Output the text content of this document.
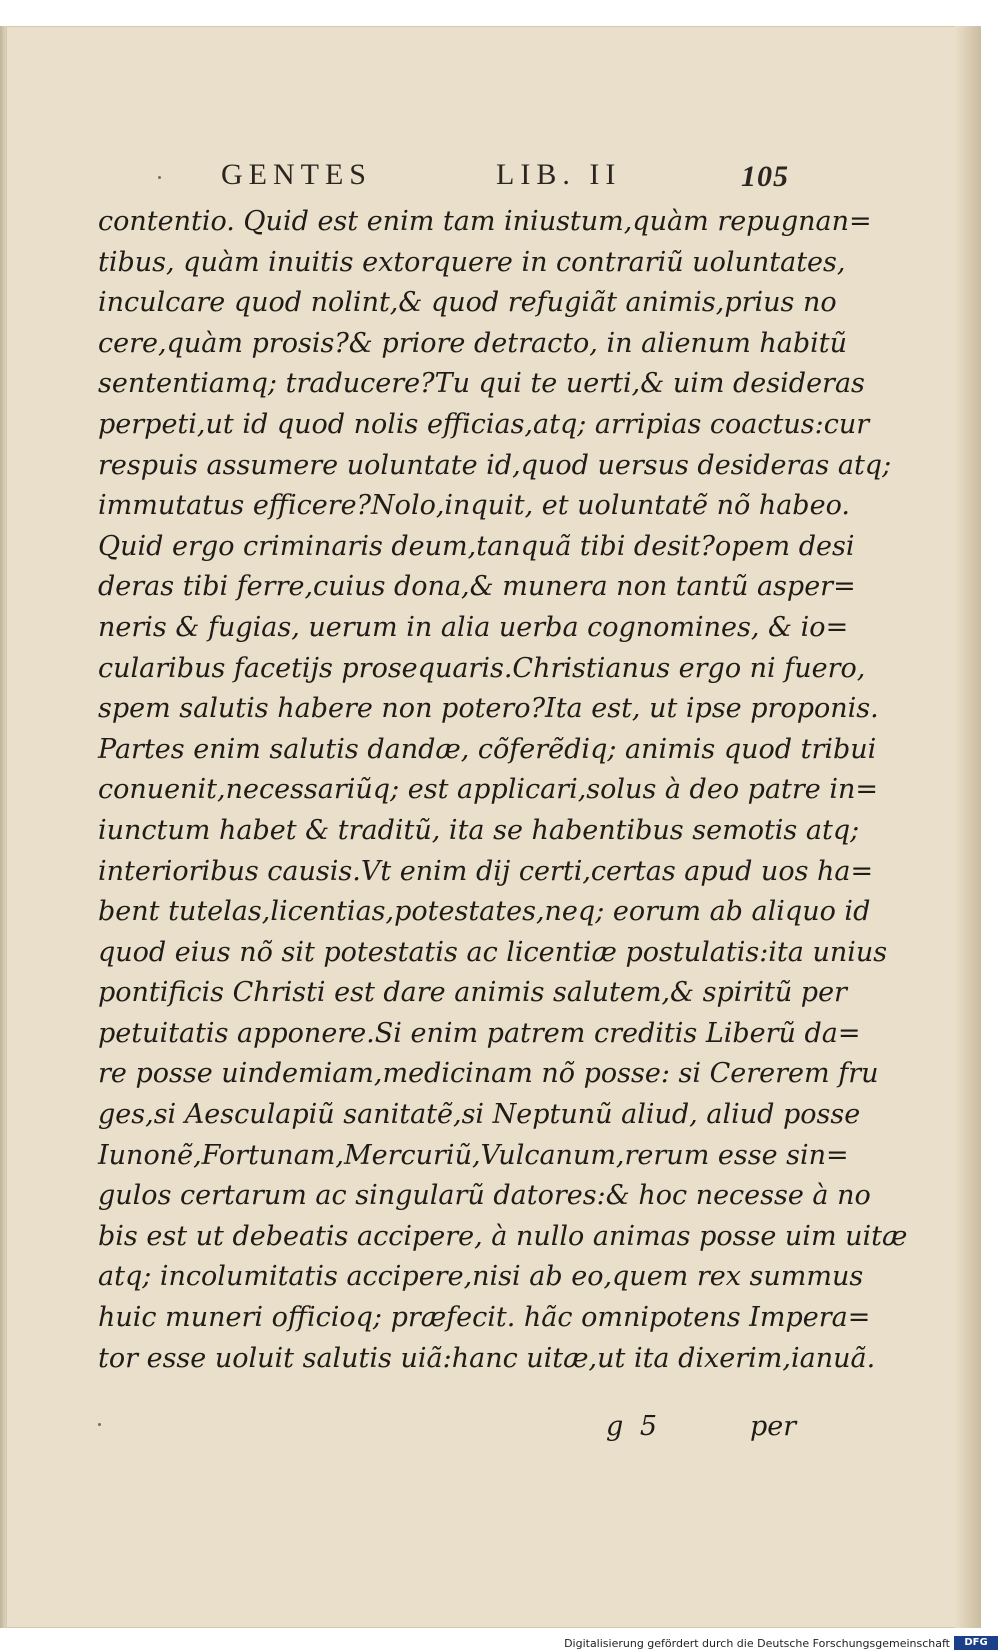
GENTES	LIB. II	105
contentio. Quid est enim tam iniustum,quàm repugnan=
tibus, quàm inuitis extorquere in contrariũ uoluntates,
inculcare quod nolint,& quod refugiãt animis,prius no
cere,quàm prosis?& priore detracto, in alienum habitũ
sententiamq; traducere?Tu qui te uerti,& uim desideras
perpeti,ut id quod nolis efficias,atq; arripias coactus:cur
respuis assumere uoluntate id,quod uersus desideras atq;
immutatus efficere?Nolo,inquit, et uoluntatẽ nõ habeo.
Quid ergo criminaris deum,tanquã tibi desit?opem desi
deras tibi ferre,cuius dona,& munera non tantũ asper=
neris & fugias, uerum in alia uerba cognomines, & io=
cularibus facetijs prosequaris.Christianus ergo ni fuero,
spem salutis habere non potero?Ita est, ut ipse proponis.
Partes enim salutis dandæ, cõferẽdiq; animis quod tribui
conuenit,necessariũq; est applicari,solus à deo patre in=
iunctum habet & traditũ, ita se habentibus semotis atq;
interioribus causis.Vt enim dij certi,certas apud uos ha=
bent tutelas,licentias,potestates,neq; eorum ab aliquo id
quod eius nõ sit potestatis ac licentiæ postulatis:ita unius
pontificis Christi est dare animis salutem,& spiritũ per
petuitatis apponere.Si enim patrem creditis Liberũ da=
re posse uindemiam,medicinam nõ posse: si Cererem fru
ges,si Aesculapiũ sanitatẽ,si Neptunũ aliud, aliud posse
Iunonẽ,Fortunam,Mercuriũ,Vulcanum,rerum esse sin=
gulos certarum ac singularũ datores:& hoc necesse à no
bis est ut debeatis accipere, à nullo animas posse uim uitæ
atq; incolumitatis accipere,nisi ab eo,quem rex summus
huic muneri officioq; præfecit. hãc omnipotens Impera=
tor esse uoluit salutis uiã:hanc uitæ,ut ita dixerim,ianuã.
g 5	per
Digitalisierung gefördert durch die Deutsche Forschungsgemeinschaft	DFG
